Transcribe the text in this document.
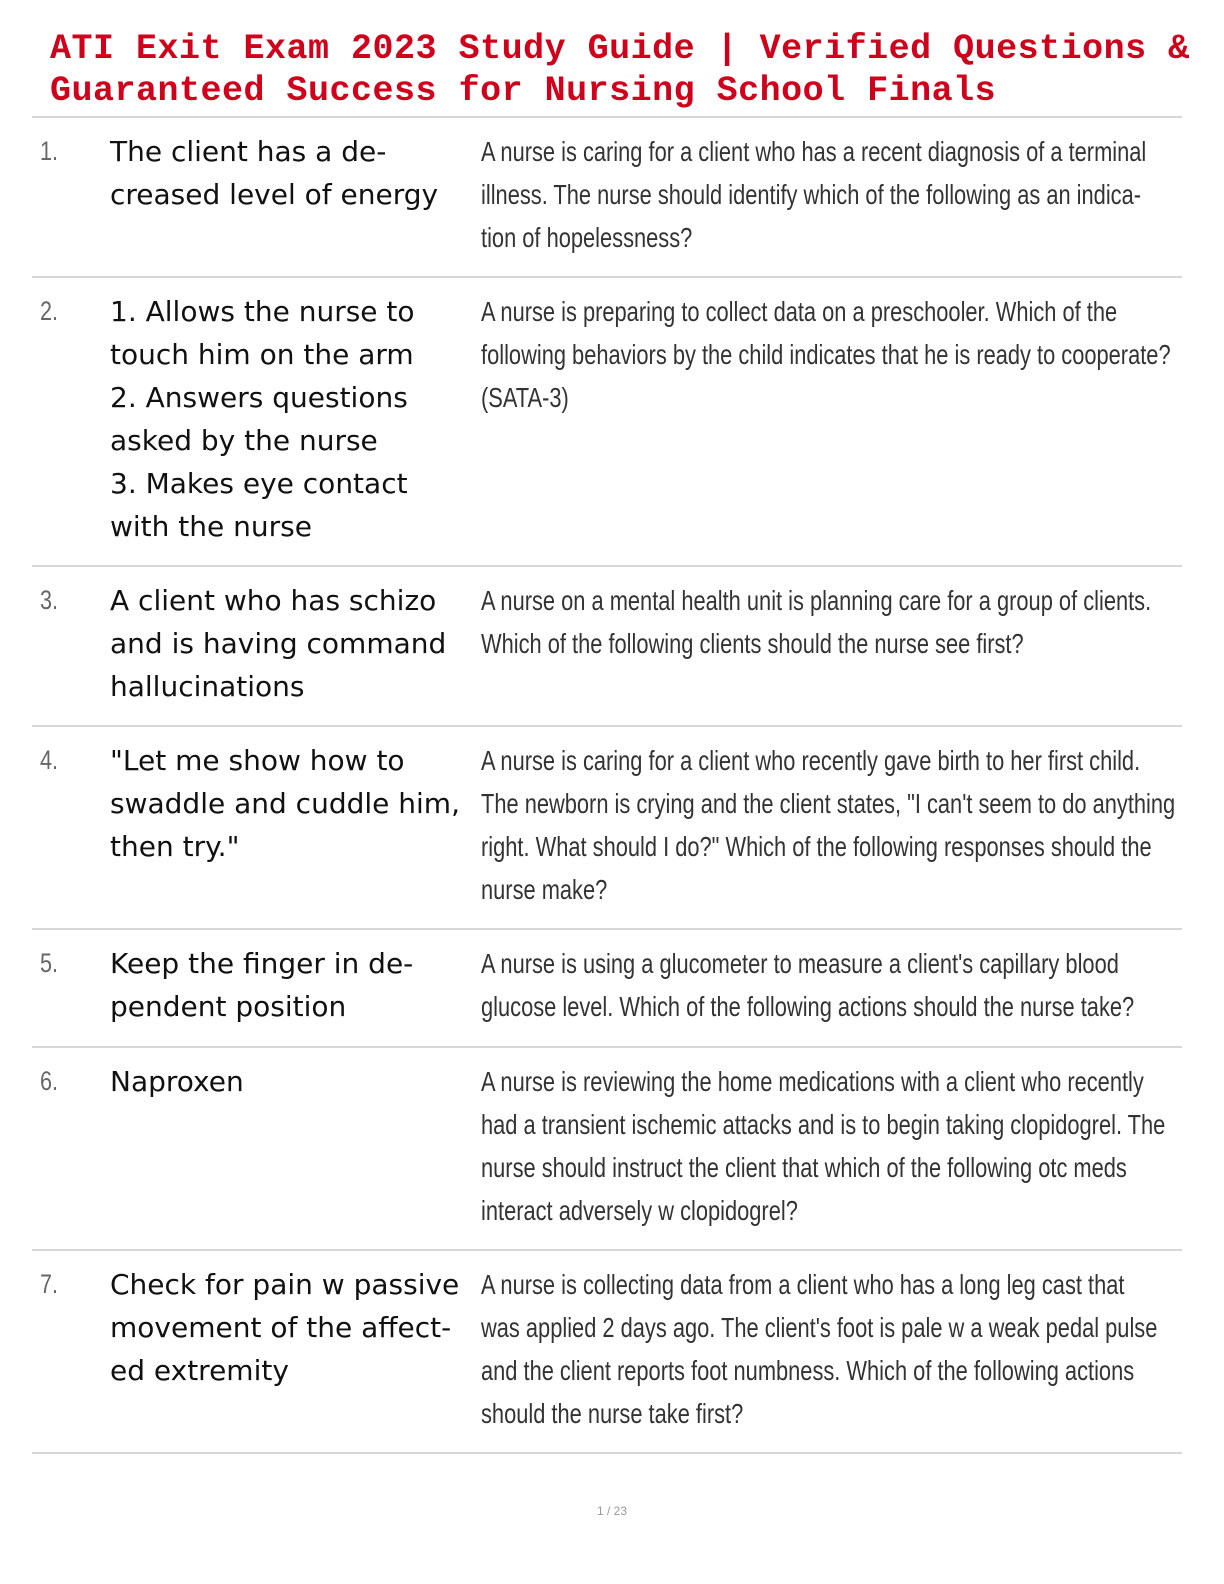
ATI Exit Exam 2023 Study Guide | Verified Questions &
Guaranteed Success for Nursing School Finals
1. The client has a de-
creased level of energy
A nurse is caring for a client who has a recent diagnosis of a terminal
illness. The nurse should identify which of the following as an indica-
tion of hopelessness?
2. 1. Allows the nurse to
touch him on the arm
2. Answers questions
asked by the nurse
3. Makes eye contact
with the nurse
A nurse is preparing to collect data on a preschooler. Which of the
following behaviors by the child indicates that he is ready to cooperate?
(SATA-3)
3. A client who has schizo
and is having command
hallucinations
A nurse on a mental health unit is planning care for a group of clients.
Which of the following clients should the nurse see first?
4. "Let me show how to
swaddle and cuddle him,
then try."
A nurse is caring for a client who recently gave birth to her first child.
The newborn is crying and the client states, "I can't seem to do anything
right. What should I do?" Which of the following responses should the
nurse make?
5. Keep the finger in de-
pendent position
A nurse is using a glucometer to measure a client's capillary blood
glucose level. Which of the following actions should the nurse take?
6. Naproxen	A nurse is reviewing the home medications with a client who recently
had a transient ischemic attacks and is to begin taking clopidogrel. The
nurse should instruct the client that which of the following otc meds
interact adversely w clopidogrel?
7. Check for pain w passive
movement of the affect-
ed extremity
A nurse is collecting data from a client who has a long leg cast that
was applied 2 days ago. The client's foot is pale w a weak pedal pulse
and the client reports foot numbness. Which of the following actions
should the nurse take first?
1 / 23
